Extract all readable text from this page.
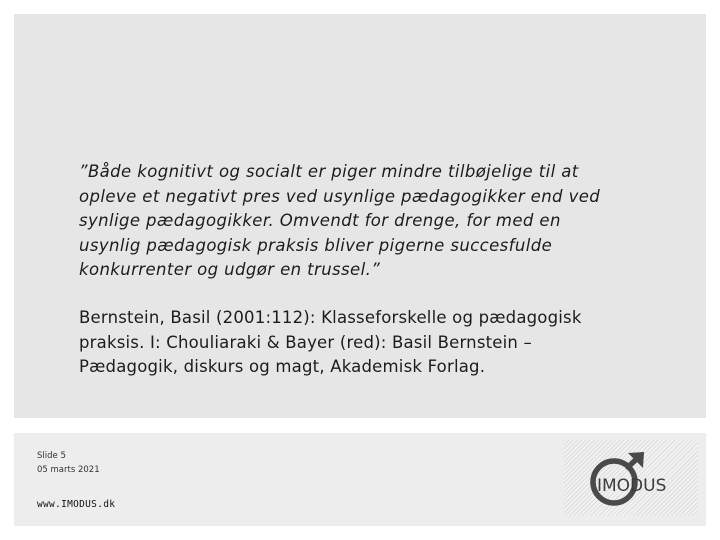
”Både kognitivt og socialt er piger mindre tilbøjelige til at
opleve et negativt pres ved usynlige pædagogikker end ved
synlige pædagogikker. Omvendt for drenge, for med en
usynlig pædagogisk praksis bliver pigerne succesfulde
konkurrenter og udgør en trussel.”

Bernstein, Basil (2001:112): Klasseforskelle og pædagogisk
praksis. I: Chouliaraki & Bayer (red): Basil Bernstein –
Pædagogik, diskurs og magt, Akademisk Forlag.

Slide 5
05 marts 2021
www.IMODUS.dk
IMODUS
